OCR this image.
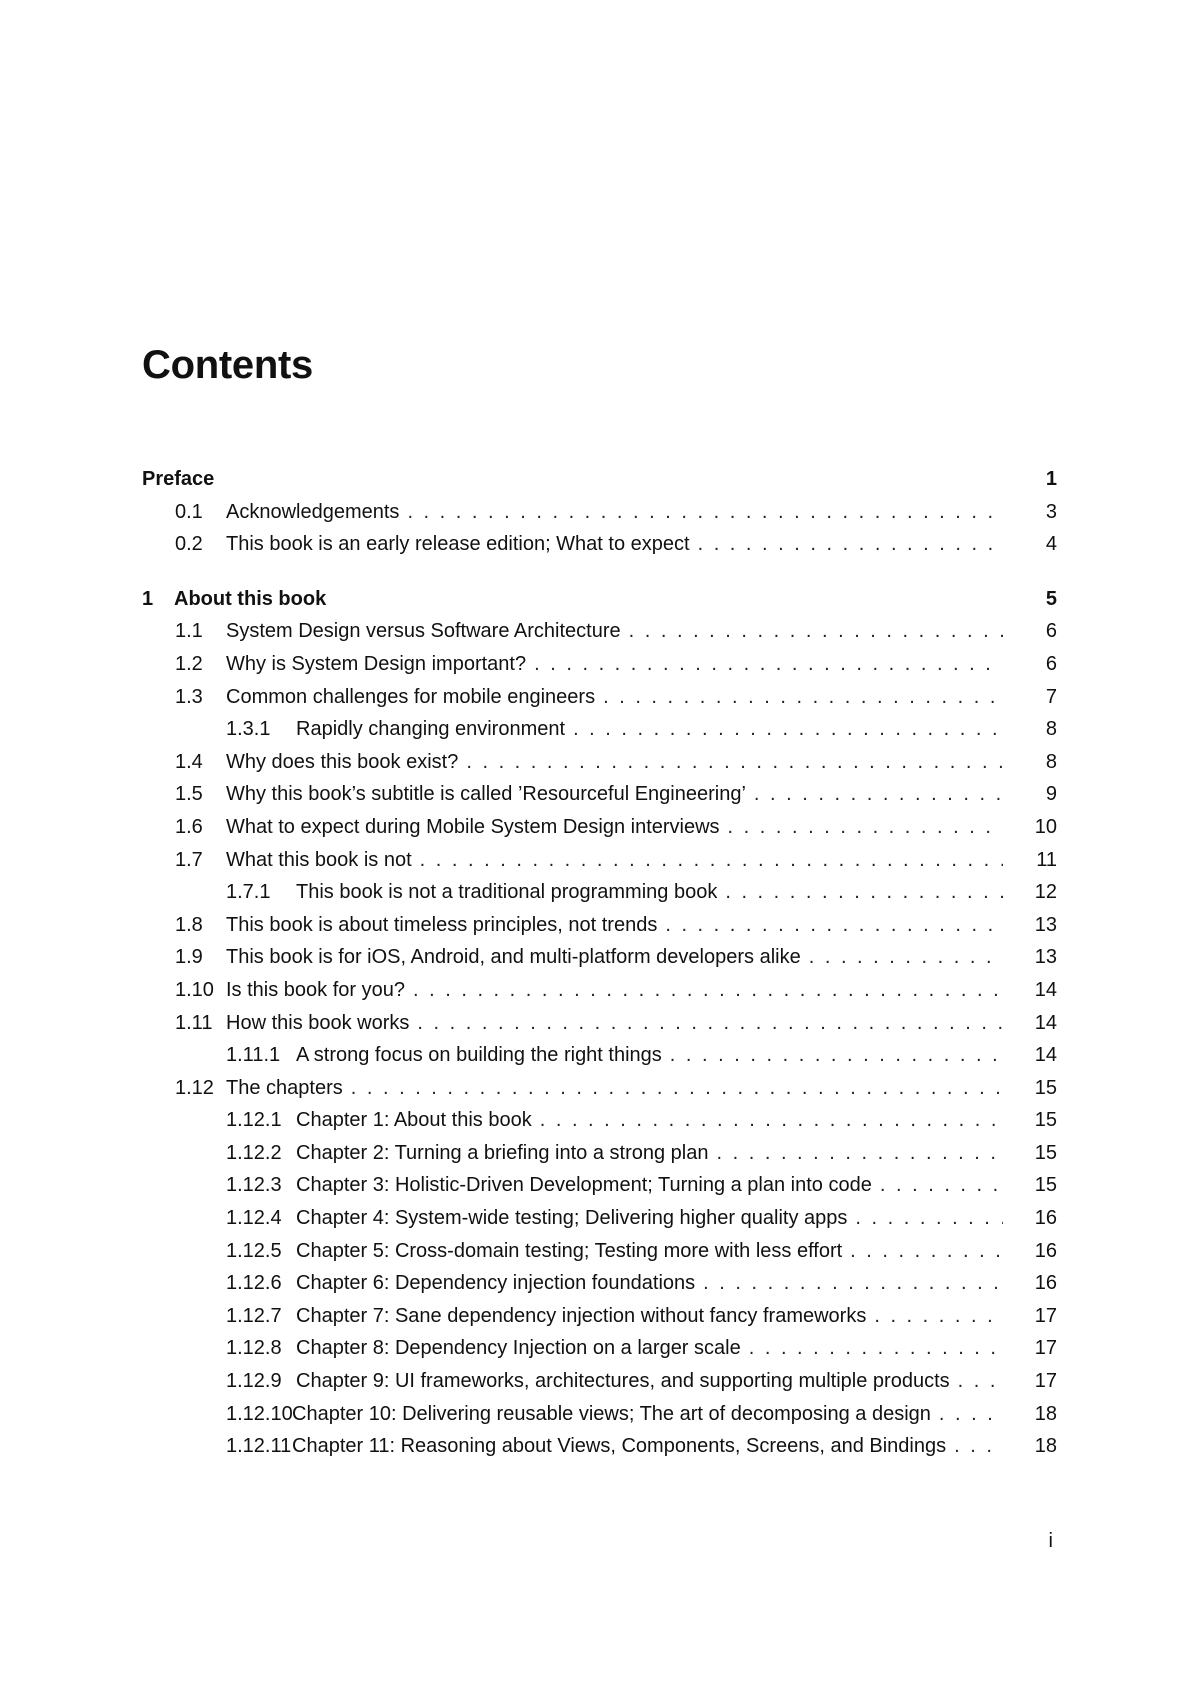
Contents
Preface	1
0.1 Acknowledgements . . .	3
0.2 This book is an early release edition; What to expect . . .	4
1 About this book	5
1.1 System Design versus Software Architecture . . .	6
1.2 Why is System Design important? . . .	6
1.3 Common challenges for mobile engineers . . .	7
1.3.1 Rapidly changing environment . . .	8
1.4 Why does this book exist? . . .	8
1.5 Why this book’s subtitle is called ’Resourceful Engineering’ . . .	9
1.6 What to expect during Mobile System Design interviews . . .	10
1.7 What this book is not . . .	11
1.7.1 This book is not a traditional programming book . . .	12
1.8 This book is about timeless principles, not trends . . .	13
1.9 This book is for iOS, Android, and multi-platform developers alike . . .	13
1.10 Is this book for you? . . .	14
1.11 How this book works . . .	14
1.11.1 A strong focus on building the right things . . .	14
1.12 The chapters . . .	15
1.12.1 Chapter 1: About this book . . .	15
1.12.2 Chapter 2: Turning a briefing into a strong plan . . .	15
1.12.3 Chapter 3: Holistic-Driven Development; Turning a plan into code . . .	15
1.12.4 Chapter 4: System-wide testing; Delivering higher quality apps . . .	16
1.12.5 Chapter 5: Cross-domain testing; Testing more with less effort . . .	16
1.12.6 Chapter 6: Dependency injection foundations . . .	16
1.12.7 Chapter 7: Sane dependency injection without fancy frameworks . . .	17
1.12.8 Chapter 8: Dependency Injection on a larger scale . . .	17
1.12.9 Chapter 9: UI frameworks, architectures, and supporting multiple products . . .	17
1.12.10 Chapter 10: Delivering reusable views; The art of decomposing a design . . .	18
1.12.11 Chapter 11: Reasoning about Views, Components, Screens, and Bindings . . .	18
i
